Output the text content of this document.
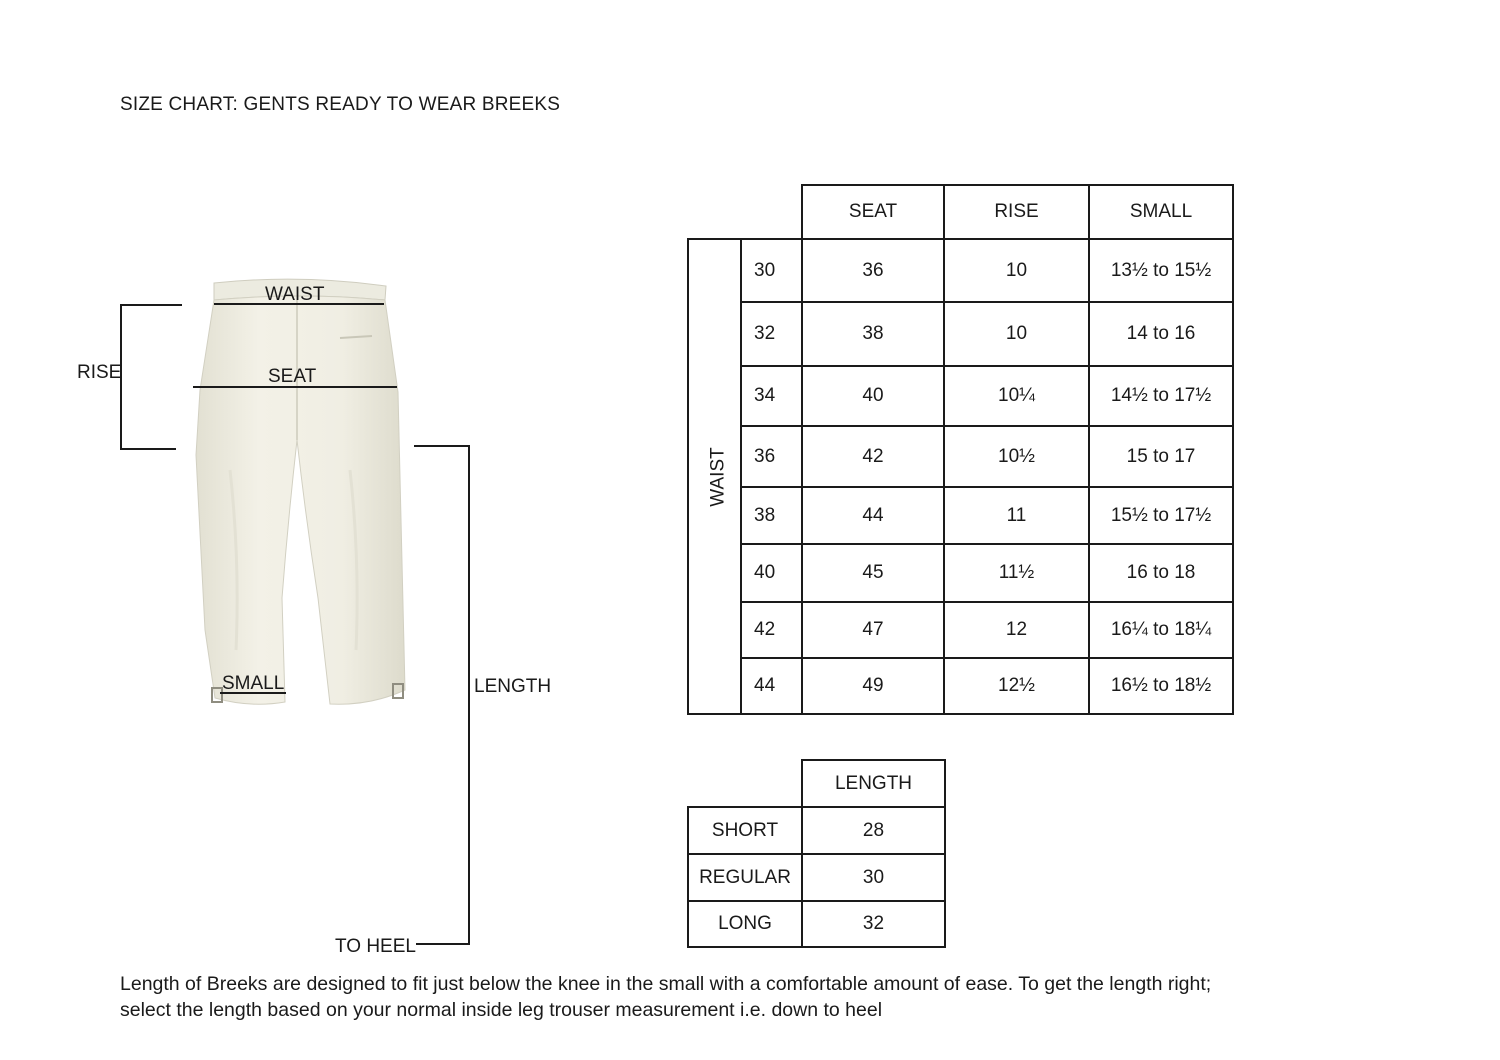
SIZE CHART: GENTS READY TO WEAR BREEKS
WAIST
SEAT
RISE
SMALL	LENGTH
TO HEEL
		SEAT	RISE	SMALL
WAIST	30	36	10	13½ to 15½
	32	38	10	14 to 16
	34	40	10¼	14½ to 17½
	36	42	10½	15 to 17
	38	44	11	15½ to 17½
	40	45	11½	16 to 18
	42	47	12	16¼ to 18¼
	44	49	12½	16½ to 18½
	LENGTH
SHORT	28
REGULAR	30
LONG	32
Length of Breeks are designed to fit just below the knee in the small with a comfortable amount of ease. To get the length right;
select the length based on your normal inside leg trouser measurement i.e. down to heel
